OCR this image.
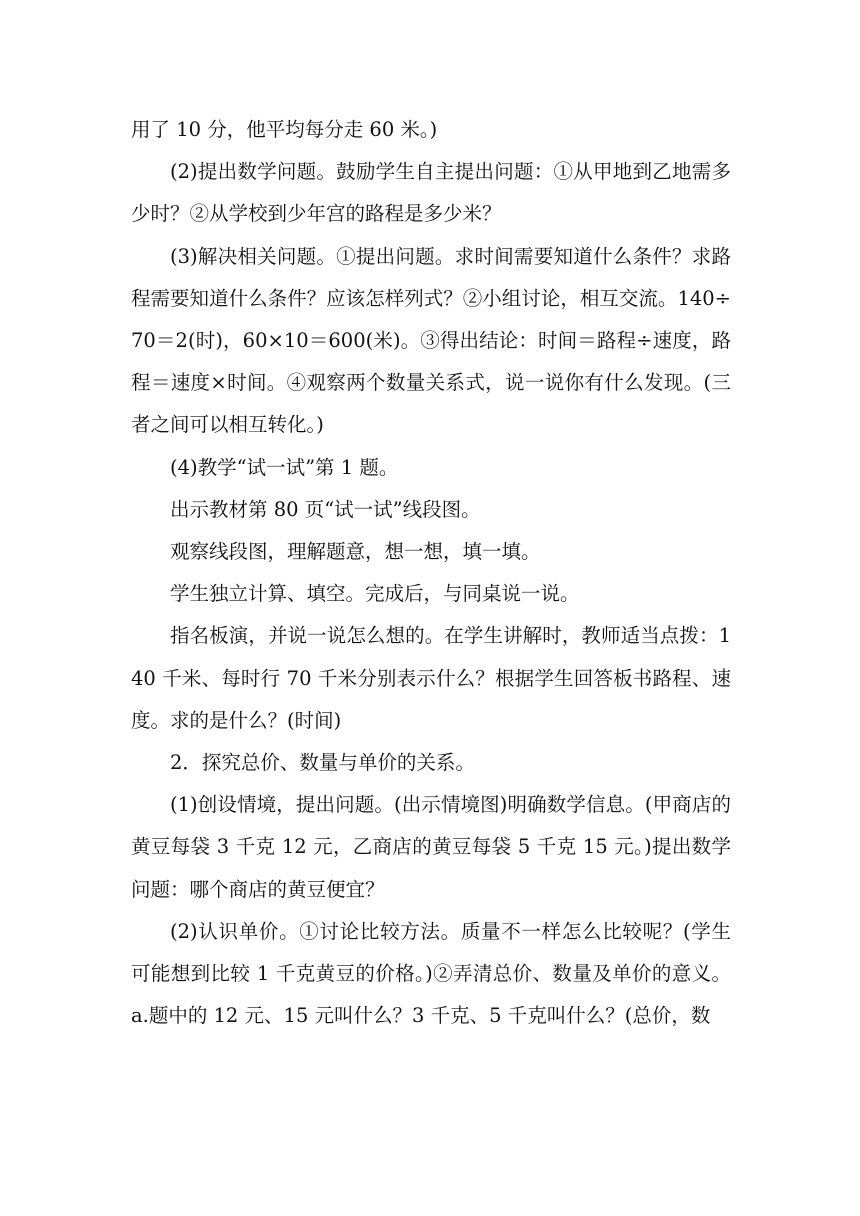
用了 10 分，他平均每分走 60 米。)

(2)提出数学问题。鼓励学生自主提出问题：①从甲地到乙地需多少时？②从学校到少年宫的路程是多少米？

(3)解决相关问题。①提出问题。求时间需要知道什么条件？求路程需要知道什么条件？应该怎样列式？②小组讨论，相互交流。140÷70＝2(时)，60×10＝600(米)。③得出结论：时间＝路程÷速度，路程＝速度×时间。④观察两个数量关系式，说一说你有什么发现。(三者之间可以相互转化。)

(4)教学“试一试”第 1 题。

出示教材第 80 页“试一试”线段图。

观察线段图，理解题意，想一想，填一填。

学生独立计算、填空。完成后，与同桌说一说。

指名板演，并说一说怎么想的。在学生讲解时，教师适当点拨：140 千米、每时行 70 千米分别表示什么？根据学生回答板书路程、速度。求的是什么？(时间)

2．探究总价、数量与单价的关系。

(1)创设情境，提出问题。(出示情境图)明确数学信息。(甲商店的黄豆每袋 3 千克 12 元，乙商店的黄豆每袋 5 千克 15 元。)提出数学问题：哪个商店的黄豆便宜？

(2)认识单价。①讨论比较方法。质量不一样怎么比较呢？(学生可能想到比较 1 千克黄豆的价格。)②弄清总价、数量及单价的意义。a.题中的 12 元、15 元叫什么？3 千克、5 千克叫什么？(总价，数
